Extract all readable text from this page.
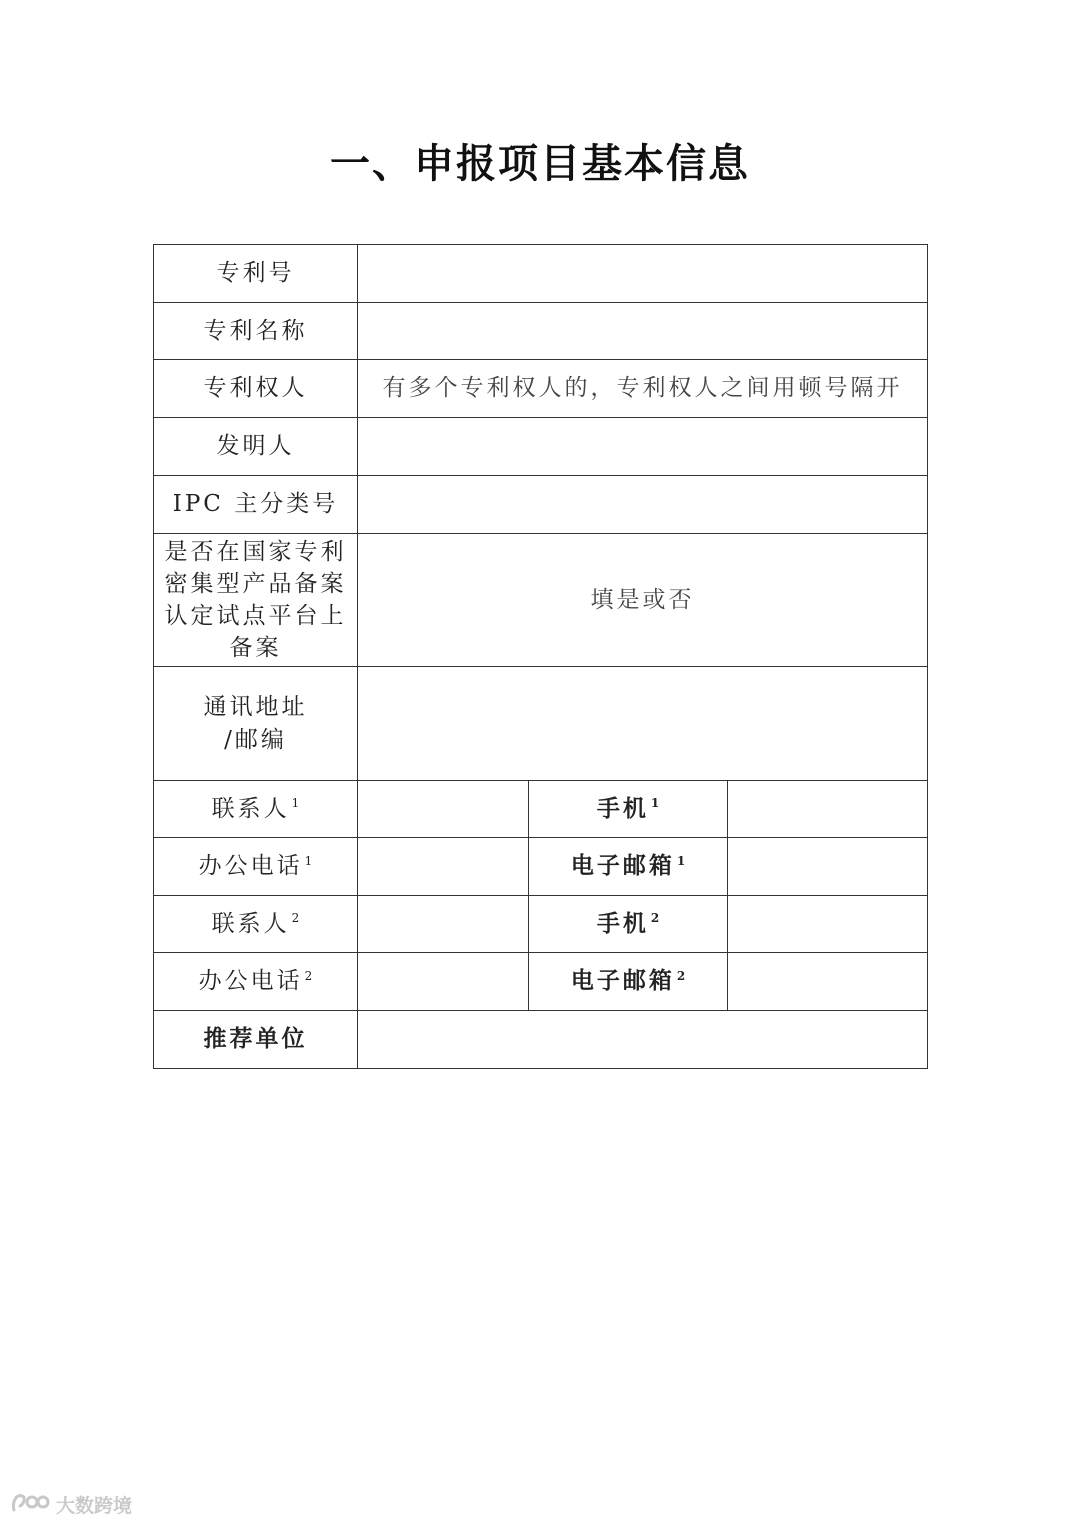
一、申报项目基本信息
专利号			
专利名称			
专利权人	有多个专利权人的，专利权人之间用顿号隔开		
发明人			
IPC 主分类号			
是否在国家专利密集型产品备案认定试点平台上备案	填是或否		

通讯地址
/邮编			

联系人 $^1$		手机 $^1$	
办公电话 $^1$		电子邮箱 $^1$	
联系人 $^2$		手机 $^2$	
办公电话 $^2$		电子邮箱 $^2$	
推荐单位			
大数跨境
